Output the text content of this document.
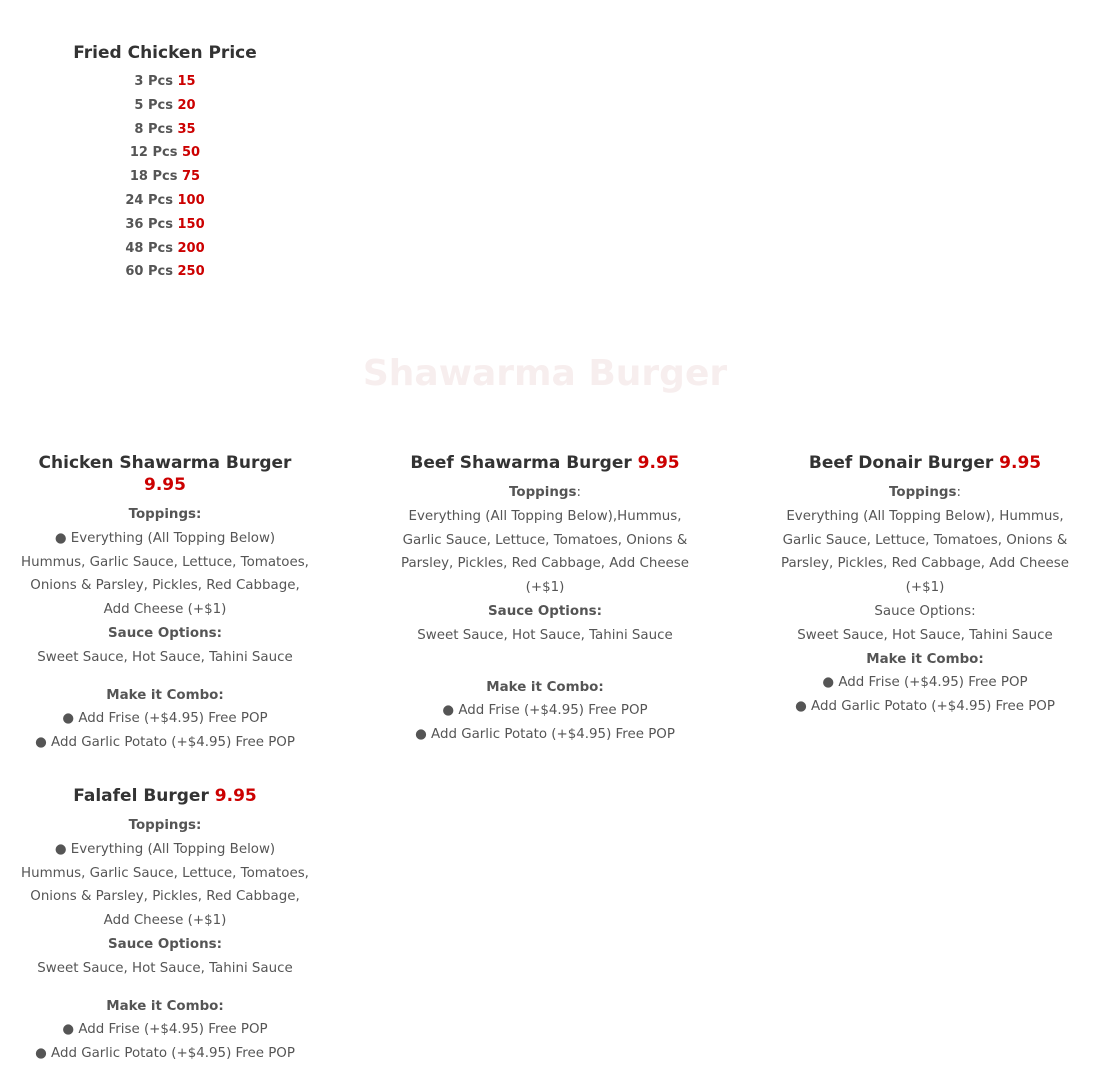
Fried Chicken Price
3 Pcs 15
5 Pcs 20
8 Pcs 35
12 Pcs 50
18 Pcs 75
24 Pcs 100
36 Pcs 150
48 Pcs 200
60 Pcs 250
Shawarma Burger
Chicken Shawarma Burger 9.95

Toppings:

● Everything (All Topping Below)

Hummus, Garlic Sauce, Lettuce, Tomatoes, Onions & Parsley, Pickles, Red Cabbage, Add Cheese (+$1)

Sauce Options:

Sweet Sauce, Hot Sauce, Tahini Sauce

Make it Combo:

● Add Frise (+$4.95) Free POP

● Add Garlic Potato (+$4.95) Free POP

Beef Shawarma Burger 9.95

Toppings:

Everything (All Topping Below),Hummus, Garlic Sauce, Lettuce, Tomatoes, Onions & Parsley, Pickles, Red Cabbage, Add Cheese (+$1)

Sauce Options:

Sweet Sauce, Hot Sauce, Tahini Sauce

Make it Combo:

● Add Frise (+$4.95) Free POP

● Add Garlic Potato (+$4.95) Free POP

Beef Donair Burger 9.95

Toppings:

Everything (All Topping Below), Hummus, Garlic Sauce, Lettuce, Tomatoes, Onions & Parsley, Pickles, Red Cabbage, Add Cheese (+$1)

Sauce Options:

Sweet Sauce, Hot Sauce, Tahini Sauce

Make it Combo:

● Add Frise (+$4.95) Free POP

● Add Garlic Potato (+$4.95) Free POP

Falafel Burger 9.95

Toppings:

● Everything (All Topping Below)

Hummus, Garlic Sauce, Lettuce, Tomatoes, Onions & Parsley, Pickles, Red Cabbage, Add Cheese (+$1)

Sauce Options:

Sweet Sauce, Hot Sauce, Tahini Sauce

Make it Combo:

● Add Frise (+$4.95) Free POP

● Add Garlic Potato (+$4.95) Free POP
